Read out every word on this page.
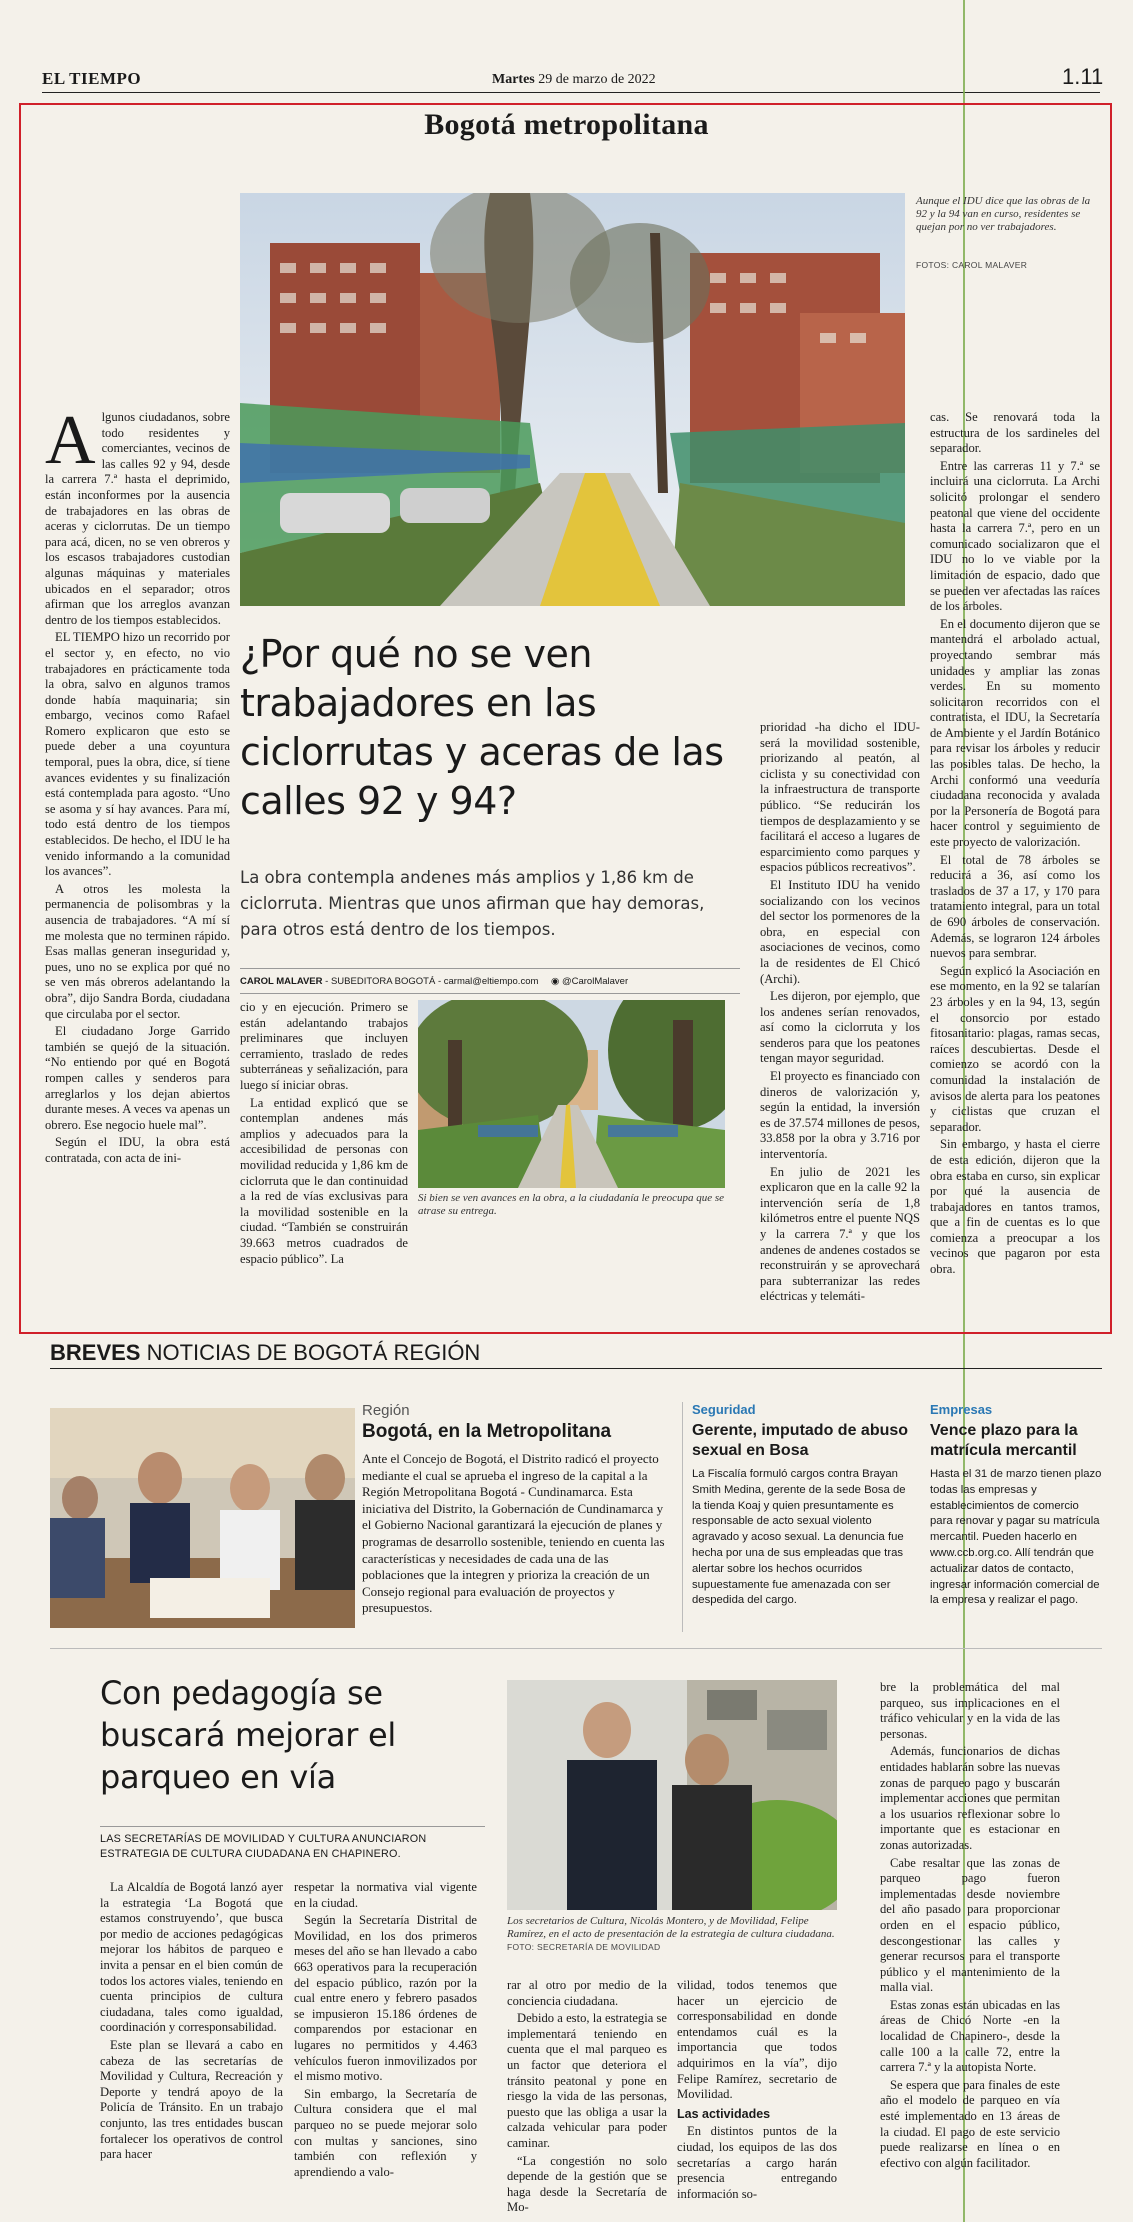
EL TIEMPO	Martes 29 de marzo de 2022	1.11
Bogotá metropolitana
Aunque el IDU dice que las obras de la 92 y la 94 van en curso, residentes se quejan por no ver trabajadores.
FOTOS: CAROL MALAVER

Algunos ciudadanos, sobre todo residentes y comerciantes, vecinos de las calles 92 y 94, desde la carrera 7.ª hasta el deprimido, están inconformes por la ausencia de trabajadores en las obras de aceras y ciclorrutas. De un tiempo para acá, dicen, no se ven obreros y los escasos trabajadores custodian algunas máquinas y materiales ubicados en el separador; otros afirman que los arreglos avanzan dentro de los tiempos establecidos.

EL TIEMPO hizo un recorrido por el sector y, en efecto, no vio trabajadores en prácticamente toda la obra, salvo en algunos tramos donde había maquinaria; sin embargo, vecinos como Rafael Romero explicaron que esto se puede deber a una coyuntura temporal, pues la obra, dice, sí tiene avances evidentes y su finalización está contemplada para agosto. “Uno se asoma y sí hay avances. Para mí, todo está dentro de los tiempos establecidos. De hecho, el IDU le ha venido informando a la comunidad los avances”.

A otros les molesta la permanencia de polisombras y la ausencia de trabajadores. “A mí sí me molesta que no terminen rápido. Esas mallas generan inseguridad y, pues, uno no se explica por qué no se ven más obreros adelantando la obra”, dijo Sandra Borda, ciudadana que circulaba por el sector.

El ciudadano Jorge Garrido también se quejó de la situación. “No entiendo por qué en Bogotá rompen calles y senderos para arreglarlos y los dejan abiertos durante meses. A veces va apenas un obrero. Ese negocio huele mal”.

Según el IDU, la obra está contratada, con acta de ini-

¿Por qué no se ven trabajadores en las ciclorrutas y aceras de las calles 92 y 94?
La obra contempla andenes más amplios y 1,86 km de ciclorruta. Mientras que unos afirman que hay demoras, para otros está dentro de los tiempos.
CAROL MALAVER - SUBEDITORA BOGOTÁ - carmal@eltiempo.com ◉ @CarolMalaver

cio y en ejecución. Primero se están adelantando trabajos preliminares que incluyen cerramiento, traslado de redes subterráneas y señalización, para luego sí iniciar obras.

La entidad explicó que se contemplan andenes más amplios y adecuados para la accesibilidad de personas con movilidad reducida y 1,86 km de ciclorruta que le dan continuidad a la red de vías exclusivas para la movilidad sostenible en la ciudad. “También se construirán 39.663 metros cuadrados de espacio público”. La

Si bien se ven avances en la obra, a la ciudadanía le preocupa que se atrase su entrega.

prioridad -ha dicho el IDU- será la movilidad sostenible, priorizando al peatón, al ciclista y su conectividad con la infraestructura de transporte público. “Se reducirán los tiempos de desplazamiento y se facilitará el acceso a lugares de esparcimiento como parques y espacios públicos recreativos”.

El Instituto IDU ha venido socializando con los vecinos del sector los pormenores de la obra, en especial con asociaciones de vecinos, como la de residentes de El Chicó (Archi).

Les dijeron, por ejemplo, que los andenes serían renovados, así como la ciclorruta y los senderos para que los peatones tengan mayor seguridad.

El proyecto es financiado con dineros de valorización y, según la entidad, la inversión es de 37.574 millones de pesos, 33.858 por la obra y 3.716 por interventoría.

En julio de 2021 les explicaron que en la calle 92 la intervención sería de 1,8 kilómetros entre el puente NQS y la carrera 7.ª y que los andenes de andenes costados se reconstruirán y se aprovechará para subterranizar las redes eléctricas y telemáti-

cas. Se renovará toda la estructura de los sardineles del separador.

Entre las carreras 11 y 7.ª se incluirá una ciclorruta. La Archi solicitó prolongar el sendero peatonal que viene del occidente hasta la carrera 7.ª, pero en un comunicado socializaron que el IDU no lo ve viable por la limitación de espacio, dado que se pueden ver afectadas las raíces de los árboles.

En el documento dijeron que se mantendrá el arbolado actual, proyectando sembrar más unidades y ampliar las zonas verdes. En su momento solicitaron recorridos con el contratista, el IDU, la Secretaría de Ambiente y el Jardín Botánico para revisar los árboles y reducir las posibles talas. De hecho, la Archi conformó una veeduría ciudadana reconocida y avalada por la Personería de Bogotá para hacer control y seguimiento de este proyecto de valorización.

El total de 78 árboles se reducirá a 36, así como los traslados de 37 a 17, y 170 para tratamiento integral, para un total de 690 árboles de conservación. Además, se lograron 124 árboles nuevos para sembrar.

Según explicó la Asociación en ese momento, en la 92 se talarían 23 árboles y en la 94, 13, según el consorcio por estado fitosanitario: plagas, ramas secas, raíces descubiertas. Desde el comienzo se acordó con la comunidad la instalación de avisos de alerta para los peatones y ciclistas que cruzan el separador.

Sin embargo, y hasta el cierre de esta edición, dijeron que la obra estaba en curso, sin explicar por qué la ausencia de trabajadores en tantos tramos, que a fin de cuentas es lo que comienza a preocupar a los vecinos que pagaron por esta obra.

BREVES NOTICIAS DE BOGOTÁ REGIÓN
Región
Bogotá, en la Metropolitana
Ante el Concejo de Bogotá, el Distrito radicó el proyecto mediante el cual se aprueba el ingreso de la capital a la Región Metropolitana Bogotá - Cundinamarca. Esta iniciativa del Distrito, la Gobernación de Cundinamarca y el Gobierno Nacional garantizará la ejecución de planes y programas de desarrollo sostenible, teniendo en cuenta las características y necesidades de cada una de las poblaciones que la integren y prioriza la creación de un Consejo regional para evaluación de proyectos y presupuestos.
Seguridad
Gerente, imputado de abuso sexual en Bosa
La Fiscalía formuló cargos contra Brayan Smith Medina, gerente de la sede Bosa de la tienda Koaj y quien presuntamente es responsable de acto sexual violento agravado y acoso sexual. La denuncia fue hecha por una de sus empleadas que tras alertar sobre los hechos ocurridos supuestamente fue amenazada con ser despedida del cargo.
Empresas
Vence plazo para la matrícula mercantil
Hasta el 31 de marzo tienen plazo todas las empresas y establecimientos de comercio para renovar y pagar su matrícula mercantil. Pueden hacerlo en www.ccb.org.co. Allí tendrán que actualizar datos de contacto, ingresar información comercial de la empresa y realizar el pago.
Con pedagogía se buscará mejorar el parqueo en vía
LAS SECRETARÍAS DE MOVILIDAD Y CULTURA ANUNCIARON ESTRATEGIA DE CULTURA CIUDADANA EN CHAPINERO.

La Alcaldía de Bogotá lanzó ayer la estrategia ‘La Bogotá que estamos construyendo’, que busca por medio de acciones pedagógicas mejorar los hábitos de parqueo e invita a pensar en el bien común de todos los actores viales, teniendo en cuenta principios de cultura ciudadana, tales como igualdad, coordinación y corresponsabilidad.

Este plan se llevará a cabo en cabeza de las secretarías de Movilidad y Cultura, Recreación y Deporte y tendrá apoyo de la Policía de Tránsito. En un trabajo conjunto, las tres entidades buscan fortalecer los operativos de control para hacer

respetar la normativa vial vigente en la ciudad.

Según la Secretaría Distrital de Movilidad, en los dos primeros meses del año se han llevado a cabo 663 operativos para la recuperación del espacio público, razón por la cual entre enero y febrero pasados se impusieron 15.186 órdenes de comparendos por estacionar en lugares no permitidos y 4.463 vehículos fueron inmovilizados por el mismo motivo.

Sin embargo, la Secretaría de Cultura considera que el mal parqueo no se puede mejorar solo con multas y sanciones, sino también con reflexión y aprendiendo a valo-

Los secretarios de Cultura, Nicolás Montero, y de Movilidad, Felipe Ramírez, en el acto de presentación de la estrategia de cultura ciudadana. FOTO: SECRETARÍA DE MOVILIDAD

rar al otro por medio de la conciencia ciudadana.

Debido a esto, la estrategia se implementará teniendo en cuenta que el mal parqueo es un factor que deteriora el tránsito peatonal y pone en riesgo la vida de las personas, puesto que las obliga a usar la calzada vehicular para poder caminar.

“La congestión no solo depende de la gestión que se haga desde la Secretaría de Mo-

vilidad, todos tenemos que hacer un ejercicio de corresponsabilidad en donde entendamos cuál es la importancia que todos adquirimos en la vía”, dijo Felipe Ramírez, secretario de Movilidad.

Las actividades

En distintos puntos de la ciudad, los equipos de las dos secretarías a cargo harán presencia entregando información so-

bre la problemática del mal parqueo, sus implicaciones en el tráfico vehicular y en la vida de las personas.

Además, funcionarios de dichas entidades hablarán sobre las nuevas zonas de parqueo pago y buscarán implementar acciones que permitan a los usuarios reflexionar sobre lo importante que es estacionar en zonas autorizadas.

Cabe resaltar que las zonas de parqueo pago fueron implementadas desde noviembre del año pasado para proporcionar orden en el espacio público, descongestionar las calles y generar recursos para el transporte público y el mantenimiento de la malla vial.

Estas zonas están ubicadas en las áreas de Chicó Norte -en la localidad de Chapinero-, desde la calle 100 a la calle 72, entre la carrera 7.ª y la autopista Norte.

Se espera que para finales de este año el modelo de parqueo en vía esté implementado en 13 áreas de la ciudad. El pago de este servicio puede realizarse en línea o en efectivo con algún facilitador.
